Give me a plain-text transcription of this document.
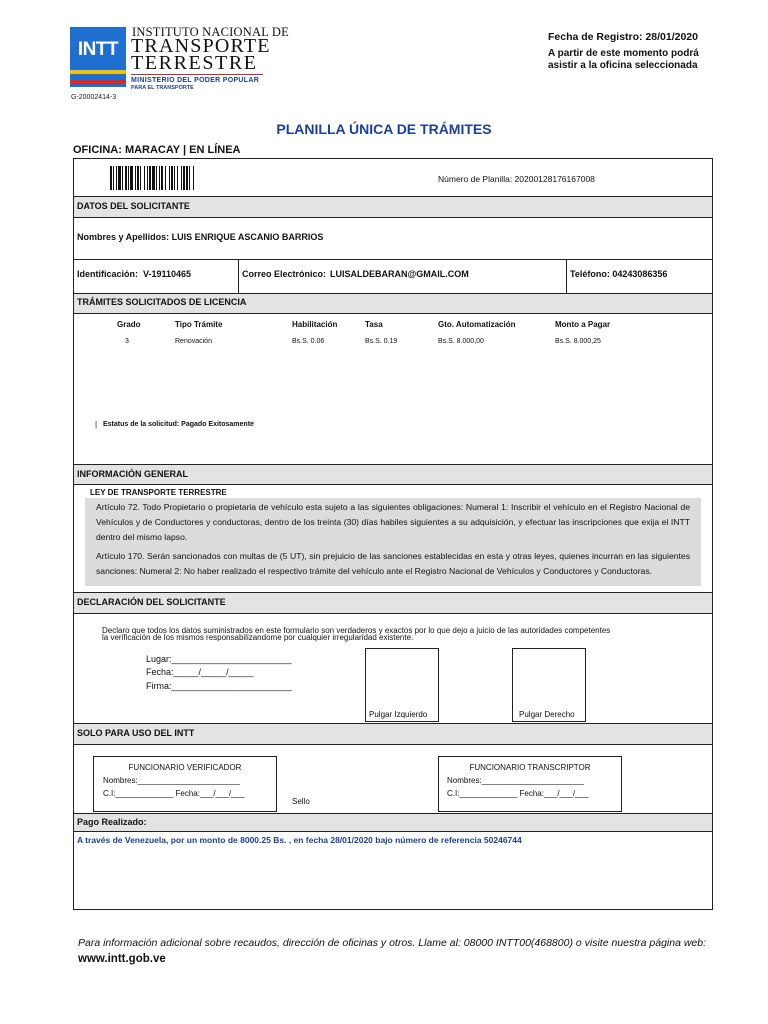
INTT
INSTITUTO NACIONAL DE
TRANSPORTE
TERRESTRE
MINISTERIO DEL PODER POPULAR
PARA EL TRANSPORTE
G-20002414-3
Fecha de Registro: 28/01/2020
A partir de este momento podrá asistir a la oficina seleccionada
PLANILLA ÚNICA DE TRÁMITES
OFICINA: MARACAY | EN LÍNEA
Número de Planilla: 20200128176167008
DATOS DEL SOLICITANTE
Nombres y Apellidos: LUIS ENRIQUE ASCANIO BARRIOS
Identificación: V-19110465	Correo Electrónico: LUISALDEBARAN@GMAIL.COM	Teléfono: 04243086356
TRÁMITES SOLICITADOS DE LICENCIA
Grado	Tipo Trámite	Habilitación	Tasa	Gto. Automatización	Monto a Pagar
3	Renovación	Bs.S. 0.06	Bs.S. 0.19	Bs.S. 8.000,00	Bs.S. 8.000,25
| Estatus de la solicitud: Pagado Exitosamente
INFORMACIÓN GENERAL
LEY DE TRANSPORTE TERRESTRE

Artículo 72. Todo Propietario o propietaria de vehículo esta sujeto a las siguientes obligaciones: Numeral 1: Inscribir el vehículo en el Registro Nacional de Vehículos y de Conductores y conductoras, dentro de los treinta (30) días habiles siguientes a su adquisición, y efectuar las inscripciones que exija el INTT dentro del mismo lapso.

Artículo 170. Serán sancionados con multas de (5 UT), sin prejuicio de las sanciones establecidas en esta y otras leyes, quienes incurran en las siguientes sanciones: Numeral 2: No haber realizado el respectivo trámite del vehículo ante el Registro Nacional de Vehículos y Conductores y Conductoras.

DECLARACIÓN DEL SOLICITANTE
Declaro que todos los datos suministrados en este formulario son verdaderos y exactos por lo que dejo a juicio de las autoridades competentes
la verificación de los mismos responsabilizandome por cualquier irregularidad existente.
Lugar:________________________
Fecha:_____/_____/_____
Firma:________________________
Pulgar Izquierdo	Pulgar Derecho
SOLO PARA USO DEL INTT
FUNCIONARIO VERIFICADOR
Nombres:_______________________
C.I:_____________ Fecha:___/___/___
Sello
FUNCIONARIO TRANSCRIPTOR
Nombres:_______________________
C.I:_____________ Fecha:___/___/___
Pago Realizado:
A través de Venezuela, por un monto de 8000.25 Bs. , en fecha 28/01/2020 bajo número de referencia 50246744
Para información adicional sobre recaudos, dirección de oficinas y otros. Llame al: 08000 INTT00(468800) o visite nuestra página web:
www.intt.gob.ve
